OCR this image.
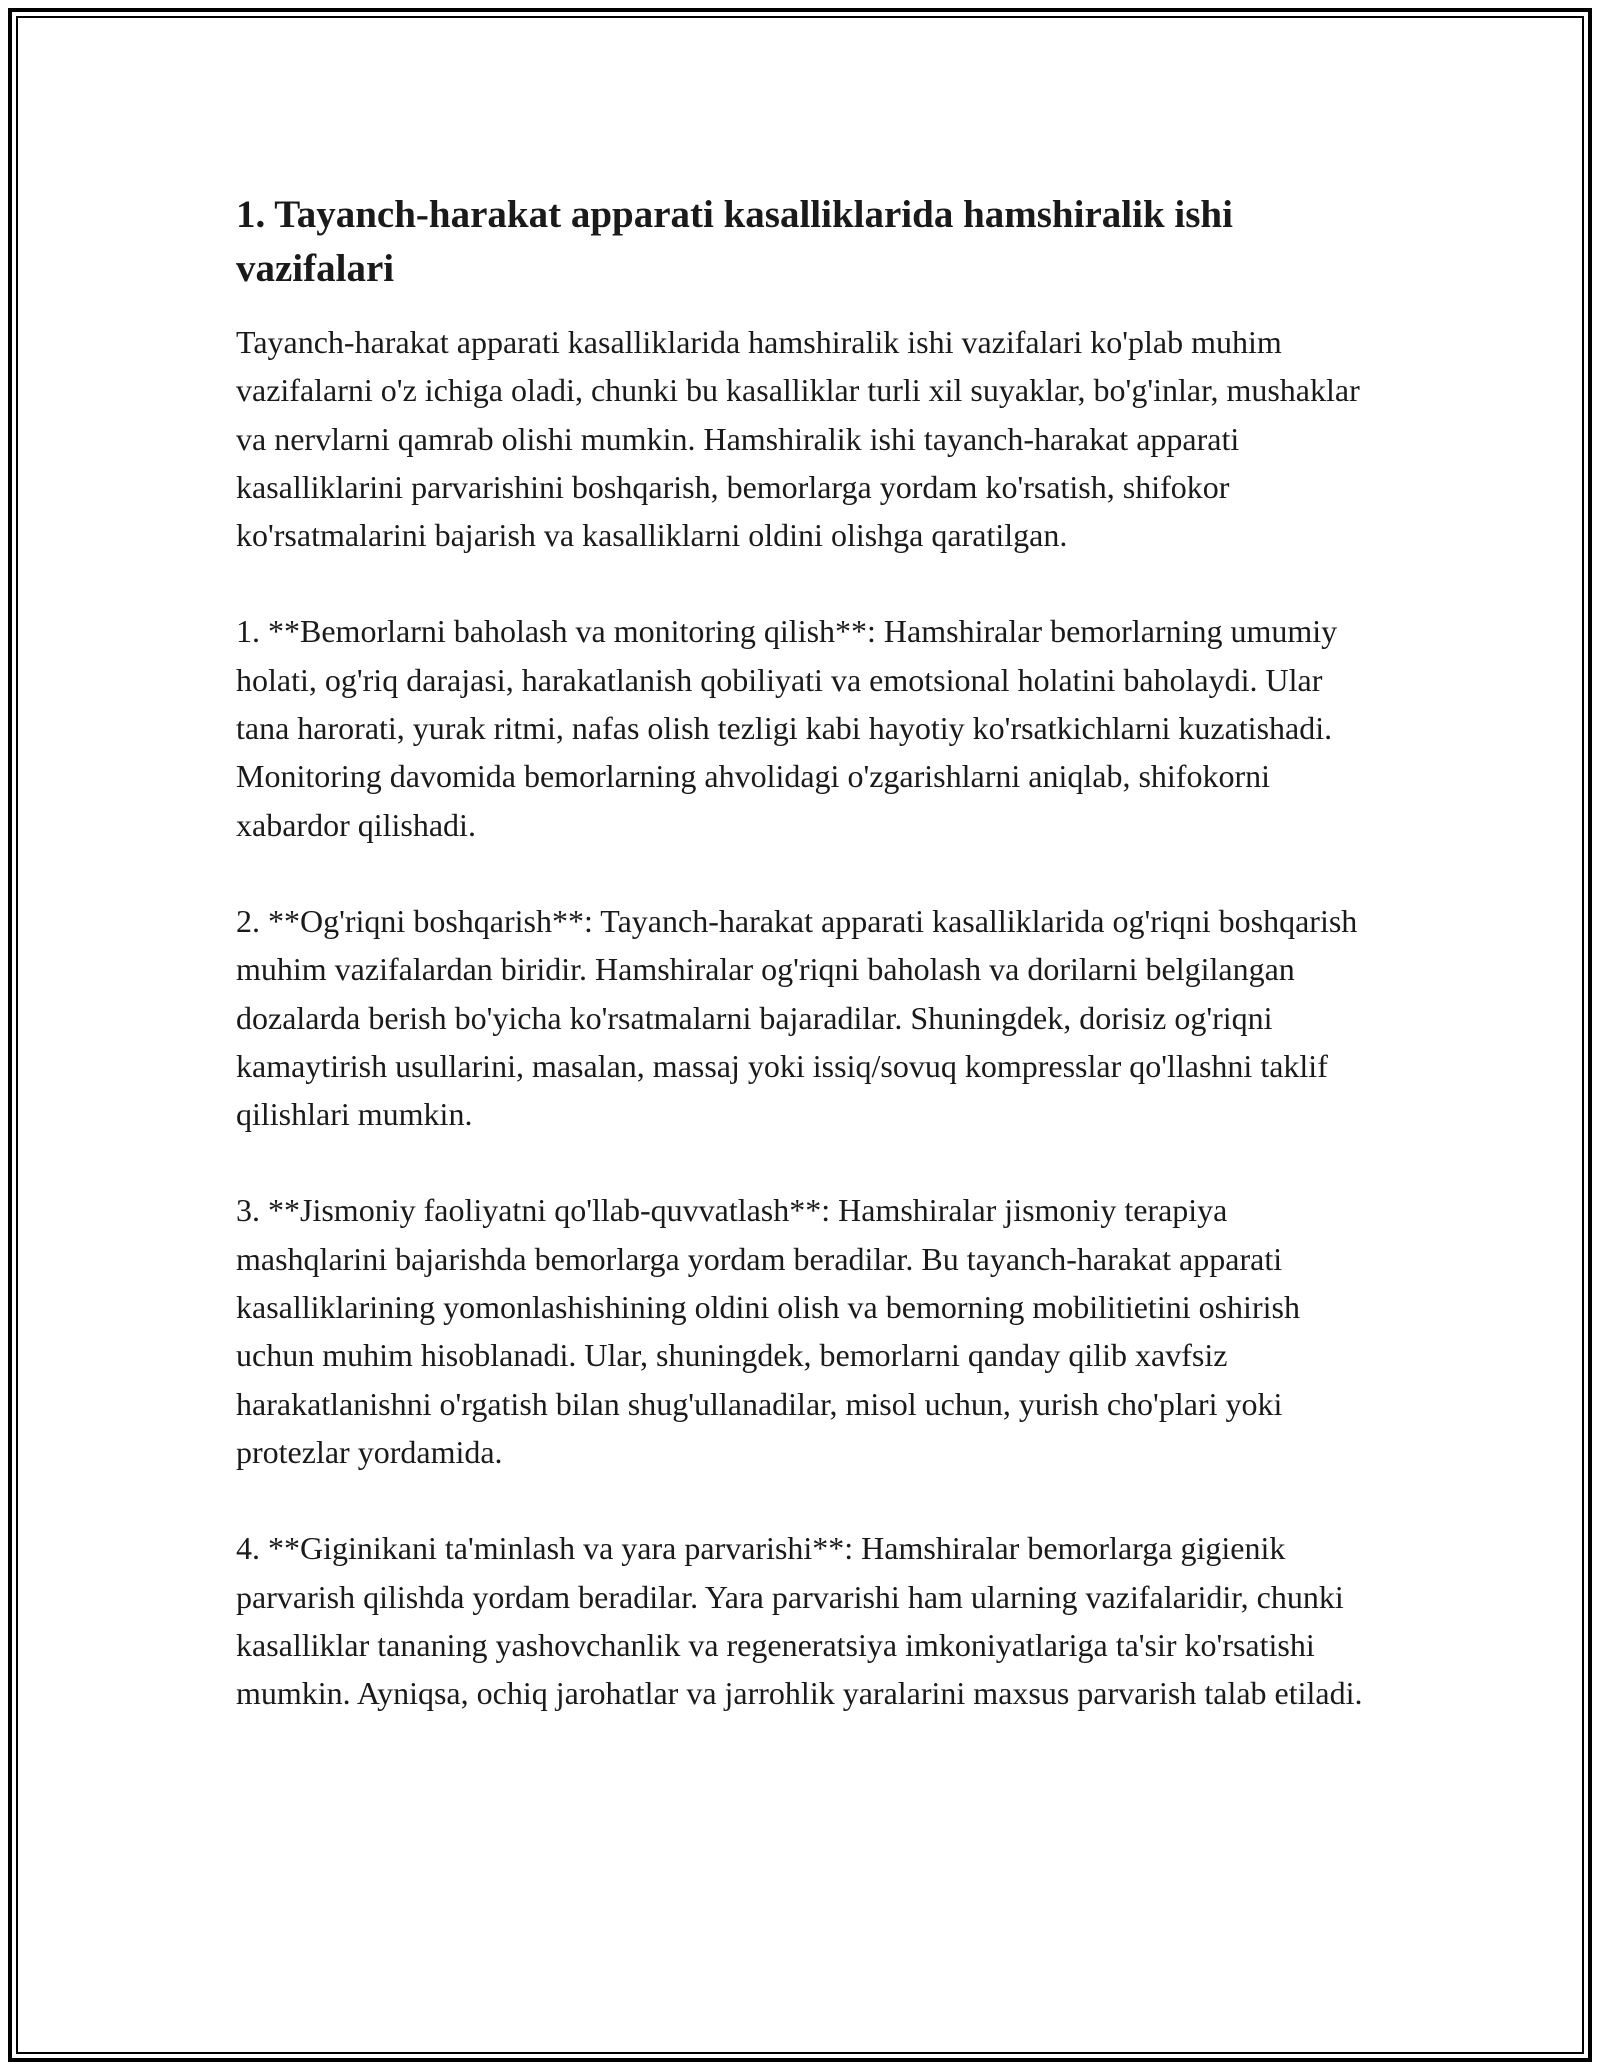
1. Tayanch-harakat apparati kasalliklarida hamshiralik ishi vazifalari

Tayanch-harakat apparati kasalliklarida hamshiralik ishi vazifalari ko'plab muhim vazifalarni o'z ichiga oladi, chunki bu kasalliklar turli xil suyaklar, bo'g'inlar, mushaklar va nervlarni qamrab olishi mumkin. Hamshiralik ishi tayanch-harakat apparati kasalliklarini parvarishini boshqarish, bemorlarga yordam ko'rsatish, shifokor ko'rsatmalarini bajarish va kasalliklarni oldini olishga qaratilgan.

1. **Bemorlarni baholash va monitoring qilish**: Hamshiralar bemorlarning umumiy holati, og'riq darajasi, harakatlanish qobiliyati va emotsional holatini baholaydi. Ular tana harorati, yurak ritmi, nafas olish tezligi kabi hayotiy ko'rsatkichlarni kuzatishadi. Monitoring davomida bemorlarning ahvolidagi o'zgarishlarni aniqlab, shifokorni xabardor qilishadi.

2. **Og'riqni boshqarish**: Tayanch-harakat apparati kasalliklarida og'riqni boshqarish muhim vazifalardan biridir. Hamshiralar og'riqni baholash va dorilarni belgilangan dozalarda berish bo'yicha ko'rsatmalarni bajaradilar. Shuningdek, dorisiz og'riqni kamaytirish usullarini, masalan, massaj yoki issiq/sovuq kompresslar qo'llashni taklif qilishlari mumkin.

3. **Jismoniy faoliyatni qo'llab-quvvatlash**: Hamshiralar jismoniy terapiya mashqlarini bajarishda bemorlarga yordam beradilar. Bu tayanch-harakat apparati kasalliklarining yomonlashishining oldini olish va bemorning mobilitietini oshirish uchun muhim hisoblanadi. Ular, shuningdek, bemorlarni qanday qilib xavfsiz harakatlanishni o'rgatish bilan shug'ullanadilar, misol uchun, yurish cho'plari yoki protezlar yordamida.

4. **Giginikani ta'minlash va yara parvarishi**: Hamshiralar bemorlarga gigienik parvarish qilishda yordam beradilar. Yara parvarishi ham ularning vazifalaridir, chunki kasalliklar tananing yashovchanlik va regeneratsiya imkoniyatlariga ta'sir ko'rsatishi mumkin. Ayniqsa, ochiq jarohatlar va jarrohlik yaralarini maxsus parvarish talab etiladi.
